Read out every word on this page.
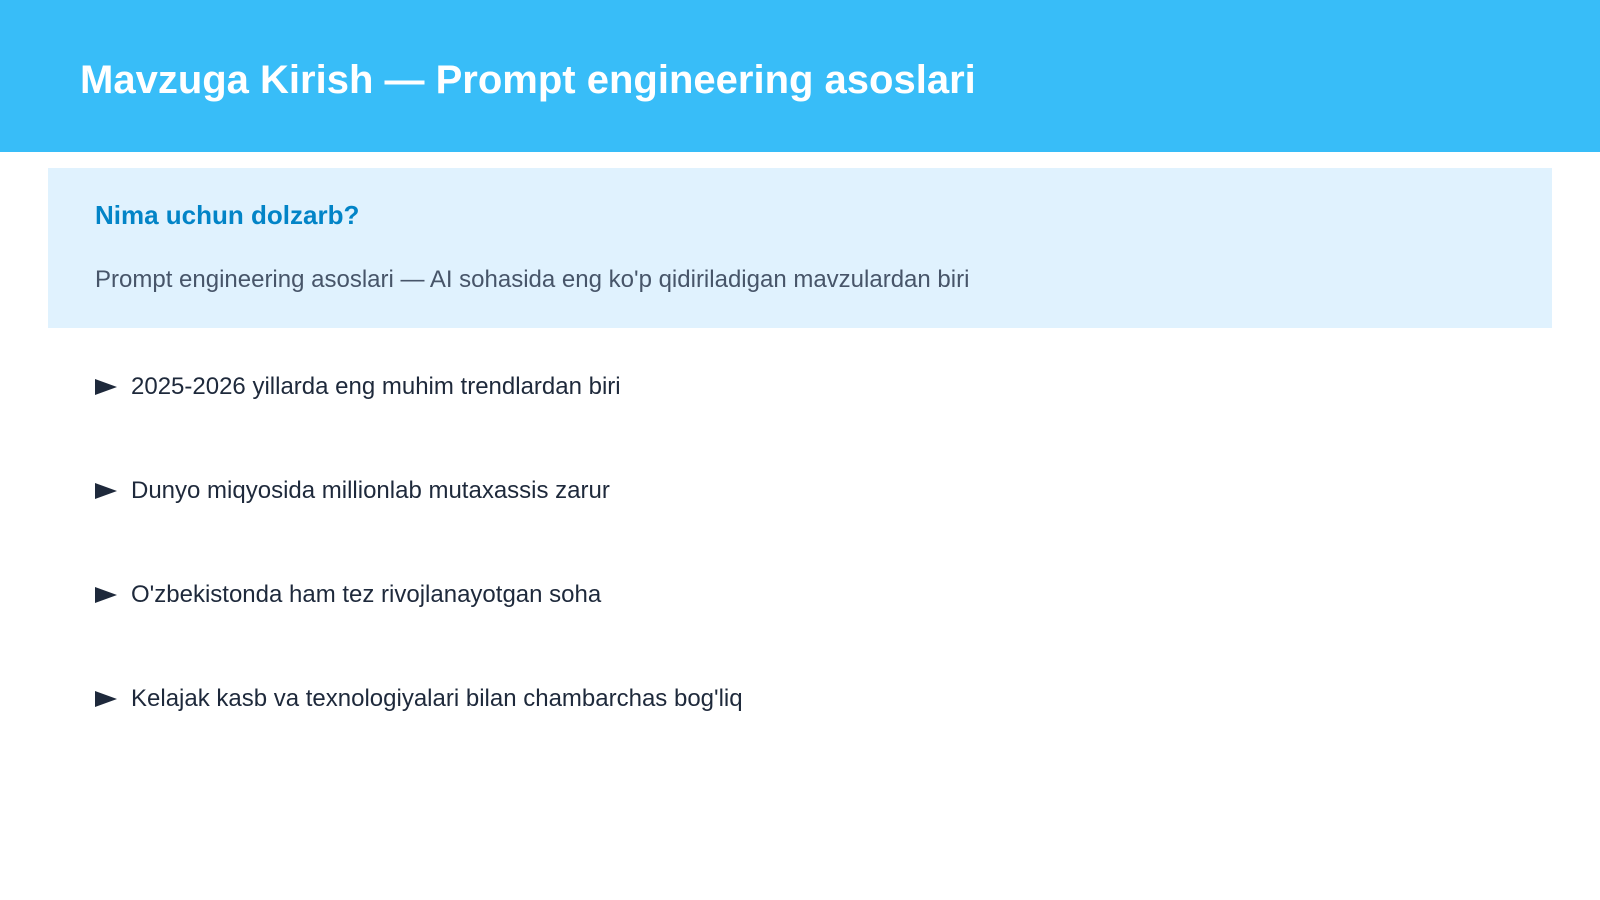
Mavzuga Kirish — Prompt engineering asoslari
Nima uchun dolzarb?

Prompt engineering asoslari — AI sohasida eng ko'p qidiriladigan mavzulardan biri

2025-2026 yillarda eng muhim trendlardan biri
Dunyo miqyosida millionlab mutaxassis zarur
O'zbekistonda ham tez rivojlanayotgan soha
Kelajak kasb va texnologiyalari bilan chambarchas bog'liq
